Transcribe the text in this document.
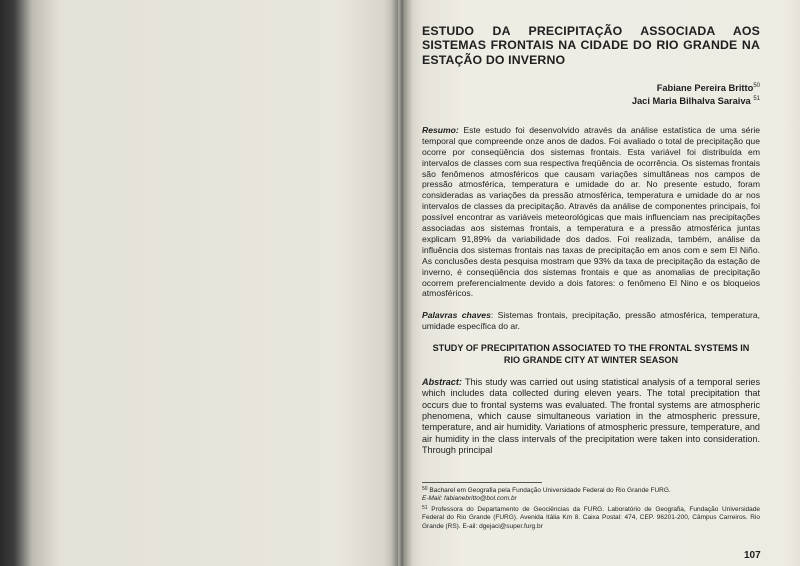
ESTUDO DA PRECIPITAÇÃO ASSOCIADA AOS SISTEMAS FRONTAIS NA CIDADE DO RIO GRANDE NA ESTAÇÃO DO INVERNO
Fabiane Pereira Britto$^{50}$
Jaci Maria Bilhalva Saraiva $^{51}$

Resumo: Este estudo foi desenvolvido através da análise estatística de uma série temporal que compreende onze anos de dados. Foi avaliado o total de precipitação que ocorre por conseqüência dos sistemas frontais. Esta variável foi distribuída em intervalos de classes com sua respectiva freqüência de ocorrência. Os sistemas frontais são fenômenos atmosféricos que causam variações simultâneas nos campos de pressão atmosférica, temperatura e umidade do ar. No presente estudo, foram consideradas as variações da pressão atmosférica, temperatura e umidade do ar nos intervalos de classes da precipitação. Através da análise de componentes principais, foi possível encontrar as variáveis meteorológicas que mais influenciam nas precipitações associadas aos sistemas frontais, a temperatura e a pressão atmosférica juntas explicam 91,89% da variabilidade dos dados. Foi realizada, também, análise da influência dos sistemas frontais nas taxas de precipitação em anos com e sem El Niño. As conclusões desta pesquisa mostram que 93% da taxa de precipitação da estação de inverno, é conseqüência dos sistemas frontais e que as anomalias de precipitação ocorrem preferencialmente devido a dois fatores: o fenômeno El Nino e os bloqueios atmosféricos.

Palavras chaves: Sistemas frontais, precipitação, pressão atmosférica, temperatura, umidade específica do ar.

STUDY OF PRECIPITATION ASSOCIATED TO THE FRONTAL SYSTEMS IN RIO GRANDE CITY AT WINTER SEASON

Abstract: This study was carried out using statistical analysis of a temporal series which includes data collected during eleven years. The total precipitation that occurs due to frontal systems was evaluated. The frontal systems are atmospheric phenomena, which cause simultaneous variation in the atmospheric pressure, temperature, and air humidity. Variations of atmospheric pressure, temperature, and air humidity in the class intervals of the precipitation were taken into consideration. Through principal

$^{50}$ Bacharel em Geografia pela Fundação Universidade Federal do Rio Grande FURG.

E-Mail: fabianebritto@bol.com.br

$^{51}$ Professora do Departamento de Geociências da FURG. Laboratório de Geografia, Fundação Universidade Federal do Rio Grande (FURG). Avenida Itália Km 8. Caixa Postal: 474, CEP. 96201-200, Câmpus Carreiros. Rio Grande (RS). E-ail: dgejaci@super.furg.br

107
